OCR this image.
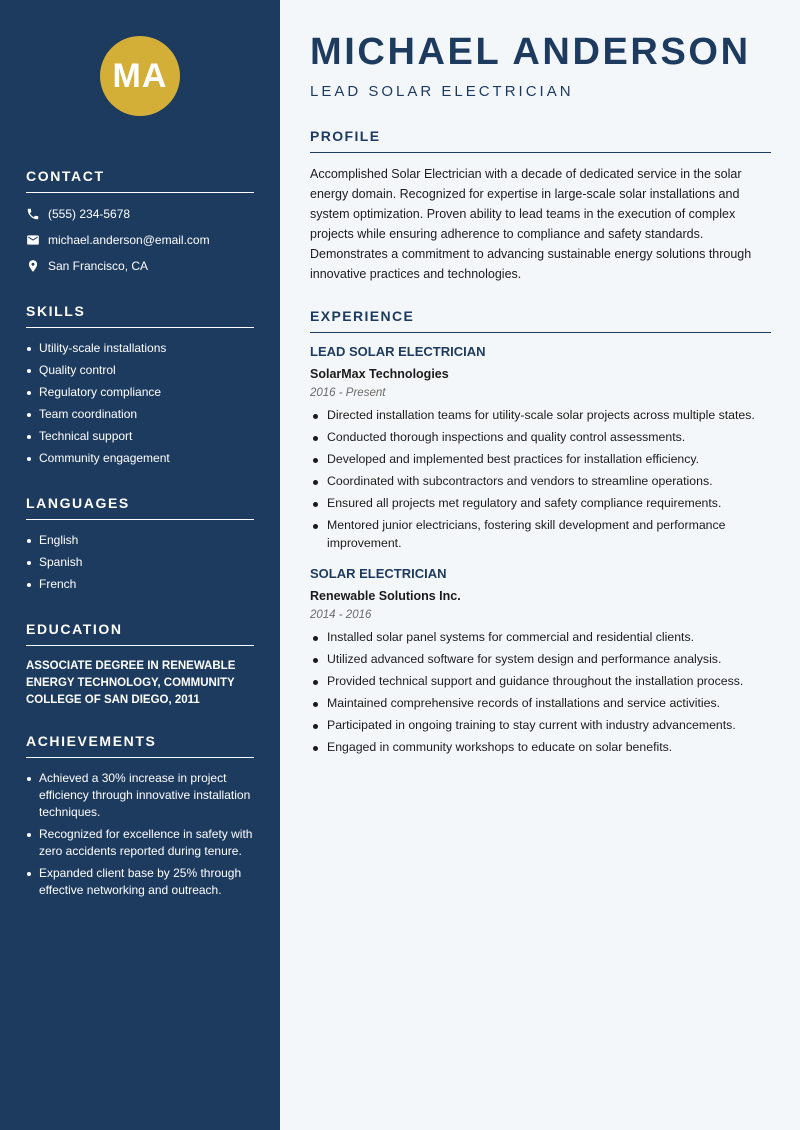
MA
CONTACT
(555) 234-5678
michael.anderson@email.com
San Francisco, CA
SKILLS
Utility-scale installations
Quality control
Regulatory compliance
Team coordination
Technical support
Community engagement
LANGUAGES
English
Spanish
French
EDUCATION
ASSOCIATE DEGREE IN RENEWABLE ENERGY TECHNOLOGY, COMMUNITY COLLEGE OF SAN DIEGO, 2011
ACHIEVEMENTS
Achieved a 30% increase in project efficiency through innovative installation techniques.
Recognized for excellence in safety with zero accidents reported during tenure.
Expanded client base by 25% through effective networking and outreach.
MICHAEL ANDERSON
LEAD SOLAR ELECTRICIAN
PROFILE

Accomplished Solar Electrician with a decade of dedicated service in the solar energy domain. Recognized for expertise in large-scale solar installations and system optimization. Proven ability to lead teams in the execution of complex projects while ensuring adherence to compliance and safety standards. Demonstrates a commitment to advancing sustainable energy solutions through innovative practices and technologies.

EXPERIENCE
LEAD SOLAR ELECTRICIAN
SolarMax Technologies
2016 - Present
Directed installation teams for utility-scale solar projects across multiple states.
Conducted thorough inspections and quality control assessments.
Developed and implemented best practices for installation efficiency.
Coordinated with subcontractors and vendors to streamline operations.
Ensured all projects met regulatory and safety compliance requirements.
Mentored junior electricians, fostering skill development and performance improvement.
SOLAR ELECTRICIAN
Renewable Solutions Inc.
2014 - 2016
Installed solar panel systems for commercial and residential clients.
Utilized advanced software for system design and performance analysis.
Provided technical support and guidance throughout the installation process.
Maintained comprehensive records of installations and service activities.
Participated in ongoing training to stay current with industry advancements.
Engaged in community workshops to educate on solar benefits.
